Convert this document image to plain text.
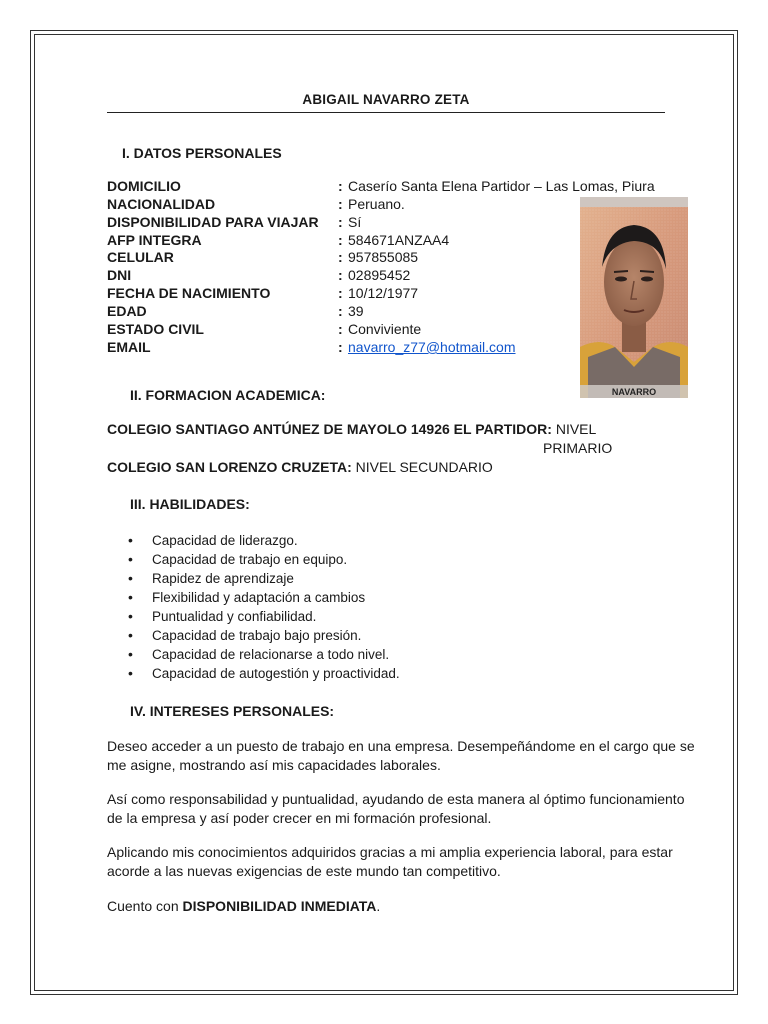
ABIGAIL NAVARRO ZETA
I. DATOS PERSONALES
DOMICILIO	: Caserío Santa Elena Partidor – Las Lomas, Piura
NACIONALIDAD	: Peruano.
DISPONIBILIDAD PARA VIAJAR : Sí
AFP INTEGRA	: 584671ANZAA4
CELULAR	: 957855085
DNI	: 02895452
FECHA DE NACIMIENTO	: 10/12/1977
EDAD	: 39
ESTADO CIVIL	: Conviviente
EMAIL	: navarro_z77@hotmail.com
NAVARRO
II. FORMACION ACADEMICA:
COLEGIO SANTIAGO ANTÚNEZ DE MAYOLO 14926 EL PARTIDOR: NIVEL
PRIMARIO
COLEGIO SAN LORENZO CRUZETA: NIVEL SECUNDARIO
III. HABILIDADES:
• Capacidad de liderazgo.
• Capacidad de trabajo en equipo.
• Rapidez de aprendizaje
• Flexibilidad y adaptación a cambios
• Puntualidad y confiabilidad.
• Capacidad de trabajo bajo presión.
• Capacidad de relacionarse a todo nivel.
• Capacidad de autogestión y proactividad.
IV. INTERESES PERSONALES:
Deseo acceder a un puesto de trabajo en una empresa. Desempeñándome en el cargo que se me asigne, mostrando así mis capacidades laborales.
Así como responsabilidad y puntualidad, ayudando de esta manera al óptimo funcionamiento de la empresa y así poder crecer en mi formación profesional.
Aplicando mis conocimientos adquiridos gracias a mi amplia experiencia laboral, para estar acorde a las nuevas exigencias de este mundo tan competitivo.
Cuento con DISPONIBILIDAD INMEDIATA.
